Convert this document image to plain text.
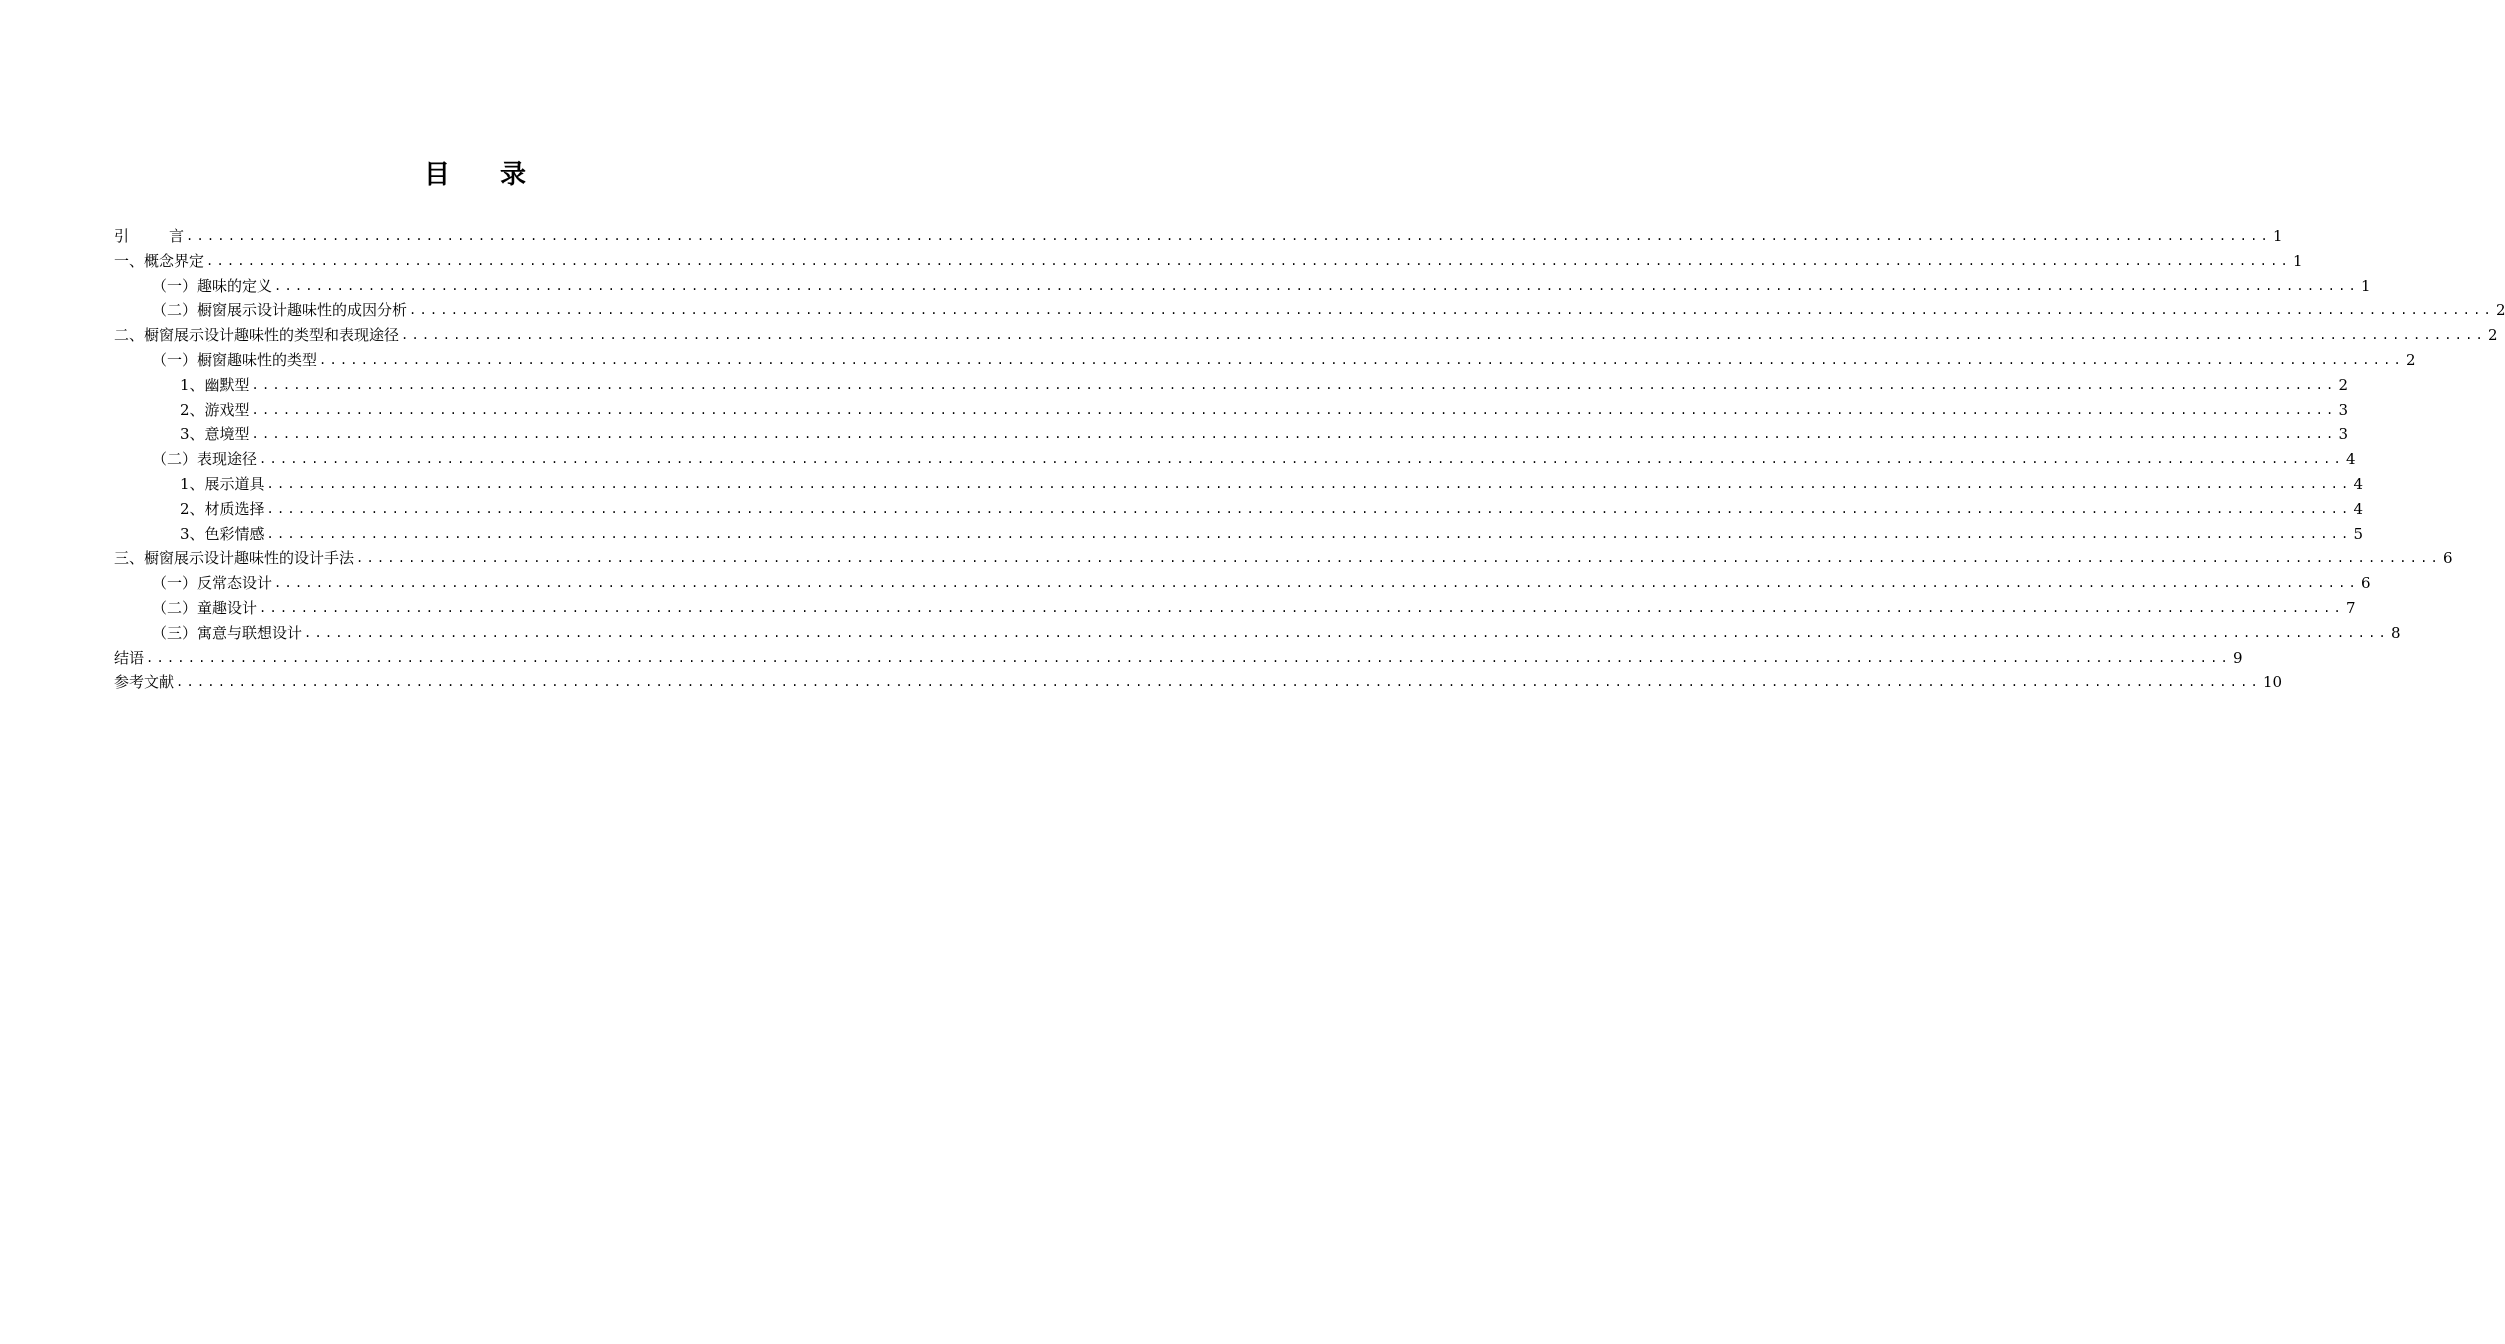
目 录
引	言 ........................................................................................................................................................................................................ 1
一、概念界定 ........................................................................................................................................................................................................ 1
（一）趣味的定义 ........................................................................................................................................................................................................ 1
（二）橱窗展示设计趣味性的成因分析 ........................................................................................................................................................................................................ 2
二、橱窗展示设计趣味性的类型和表现途径 ........................................................................................................................................................................................................ 2
（一）橱窗趣味性的类型 ........................................................................................................................................................................................................ 2
1、幽默型 ........................................................................................................................................................................................................ 2
2、游戏型 ........................................................................................................................................................................................................ 3
3、意境型 ........................................................................................................................................................................................................ 3
（二）表现途径 ........................................................................................................................................................................................................ 4
1、展示道具 ........................................................................................................................................................................................................ 4
2、材质选择 ........................................................................................................................................................................................................ 4
3、色彩情感 ........................................................................................................................................................................................................ 5
三、橱窗展示设计趣味性的设计手法 ........................................................................................................................................................................................................ 6
（一）反常态设计 ........................................................................................................................................................................................................ 6
（二）童趣设计 ........................................................................................................................................................................................................ 7
（三）寓意与联想设计 ........................................................................................................................................................................................................ 8
结语 ........................................................................................................................................................................................................ 9
参考文献 ........................................................................................................................................................................................................ 10
